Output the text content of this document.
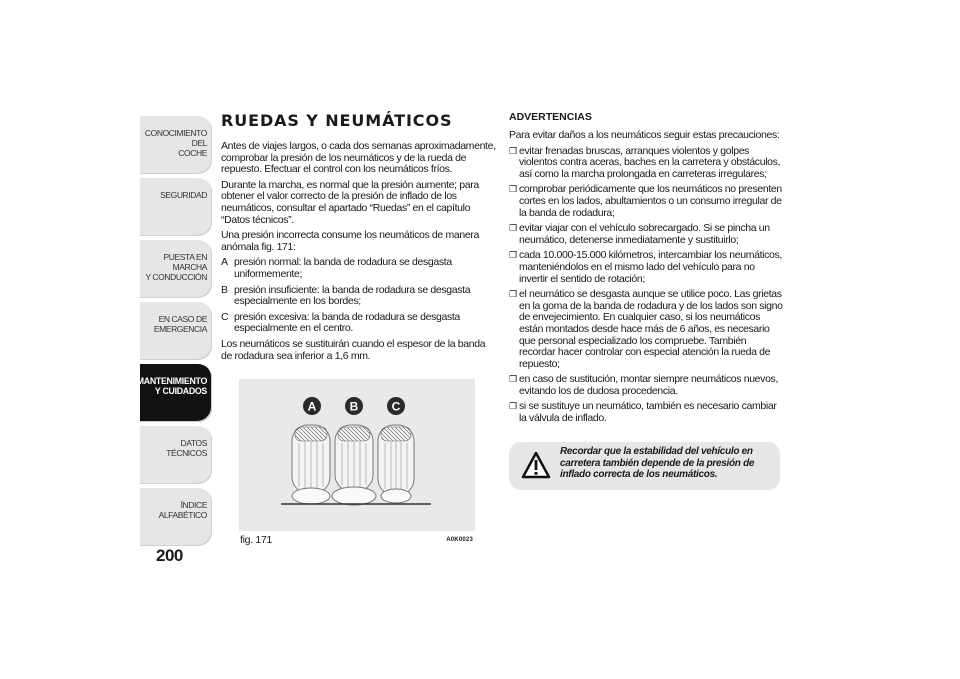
CONOCIMIENTO DEL
COCHE
SEGURIDAD
PUESTA EN MARCHA
Y CONDUCCIÓN
EN CASO DE
EMERGENCIA
MANTENIMIENTO
Y CUIDADOS
DATOS TÉCNICOS
ÍNDICE ALFABÉTICO
200
RUEDAS Y NEUMÁTICOS

Antes de viajes largos, o cada dos semanas aproximadamente, comprobar la presión de los neumáticos y de la rueda de repuesto. Efectuar el control con los neumáticos fríos.

Durante la marcha, es normal que la presión aumente; para obtener el valor correcto de la presión de inflado de los neumáticos, consultar el apartado “Ruedas” en el capítulo “Datos técnicos”.

Una presión incorrecta consume los neumáticos de manera anómala fig. 171:

A presión normal: la banda de rodadura se desgasta uniformemente;
B presión insuficiente: la banda de rodadura se desgasta especialmente en los bordes;
C presión excesiva: la banda de rodadura se desgasta especialmente en el centro.

Los neumáticos se sustituirán cuando el espesor de la banda de rodadura sea inferior a 1,6 mm.

A	B	C
fig. 171	A0K0023
ADVERTENCIAS

Para evitar daños a los neumáticos seguir estas precauciones:

❒ evitar frenadas bruscas, arranques violentos y golpes violentos contra aceras, baches en la carretera y obstáculos, así como la marcha prolongada en carreteras irregulares;
❒ comprobar periódicamente que los neumáticos no presenten cortes en los lados, abultamientos o un consumo irregular de la banda de rodadura;
❒ evitar viajar con el vehículo sobrecargado. Si se pincha un neumático, detenerse inmediatamente y sustituirlo;
❒ cada 10.000-15.000 kilómetros, intercambiar los neumáticos, manteniéndolos en el mismo lado del vehículo para no invertir el sentido de rotación;
❒ el neumático se desgasta aunque se utilice poco. Las grietas en la goma de la banda de rodadura y de los lados son signo de envejecimiento. En cualquier caso, si los neumáticos están montados desde hace más de 6 años, es necesario que personal especializado los compruebe. También recordar hacer controlar con especial atención la rueda de repuesto;
❒ en caso de sustitución, montar siempre neumáticos nuevos, evitando los de dudosa procedencia.
❒ si se sustituye un neumático, también es necesario cambiar la válvula de inflado.
Recordar que la estabilidad del vehículo en carretera también depende de la presión de inflado correcta de los neumáticos.
